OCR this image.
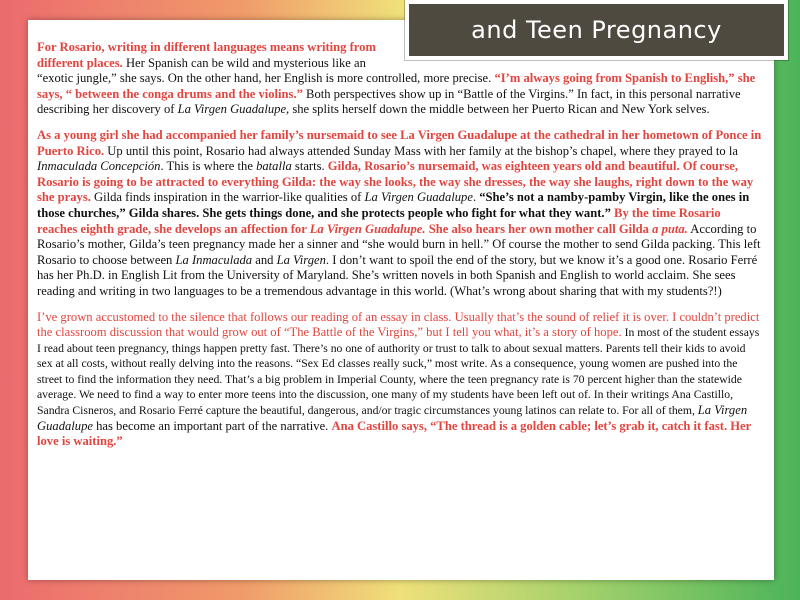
and Teen Pregnancy

For Rosario, writing in different languages means writing from different places. Her Spanish can be wild and mysterious like an “exotic jungle,” she says. On the other hand, her English is more controlled, more precise. “I’m always going from Spanish to English,” she says, “ between the conga drums and the violins.” Both perspectives show up in “Battle of the Virgins.” In fact, in this personal narrative describing her discovery of La Virgen Guadalupe, she splits herself down the middle between her Puerto Rican and New York selves.

As a young girl she had accompanied her family’s nursemaid to see La Virgen Guadalupe at the cathedral in her hometown of Ponce in Puerto Rico. Up until this point, Rosario had always attended Sunday Mass with her family at the bishop’s chapel, where they prayed to la Inmaculada Concepción. This is where the batalla starts. Gilda, Rosario’s nursemaid, was eighteen years old and beautiful. Of course, Rosario is going to be attracted to everything Gilda: the way she looks, the way she dresses, the way she laughs, right down to the way she prays. Gilda finds inspiration in the warrior-like qualities of La Virgen Guadalupe. “She’s not a namby-pamby Virgin, like the ones in those churches,” Gilda shares. She gets things done, and she protects people who fight for what they want.” By the time Rosario reaches eighth grade, she develops an affection for La Virgen Guadalupe. She also hears her own mother call Gilda a puta. According to Rosario’s mother, Gilda’s teen pregnancy made her a sinner and “she would burn in hell.” Of course the mother to send Gilda packing. This left Rosario to choose between La Inmaculada and La Virgen. I don’t want to spoil the end of the story, but we know it’s a good one. Rosario Ferré has her Ph.D. in English Lit from the University of Maryland. She’s written novels in both Spanish and English to world acclaim. She sees reading and writing in two languages to be a tremendous advantage in this world. (What’s wrong about sharing that with my students?!)

I’ve grown accustomed to the silence that follows our reading of an essay in class. Usually that’s the sound of relief it is over. I couldn’t predict the classroom discussion that would grow out of “The Battle of the Virgins,” but I tell you what, it’s a story of hope. In most of the student essays I read about teen pregnancy, things happen pretty fast. There’s no one of authority or trust to talk to about sexual matters. Parents tell their kids to avoid sex at all costs, without really delving into the reasons. “Sex Ed classes really suck,” most write. As a consequence, young women are pushed into the street to find the information they need. That’s a big problem in Imperial County, where the teen pregnancy rate is 70 percent higher than the statewide average. We need to find a way to enter more teens into the discussion, one many of my students have been left out of. In their writings Ana Castillo, Sandra Cisneros, and Rosario Ferré capture the beautiful, dangerous, and/or tragic circumstances young latinos can relate to. For all of them, La Virgen Guadalupe has become an important part of the narrative. Ana Castillo says, “The thread is a golden cable; let’s grab it, catch it fast. Her love is waiting.”
